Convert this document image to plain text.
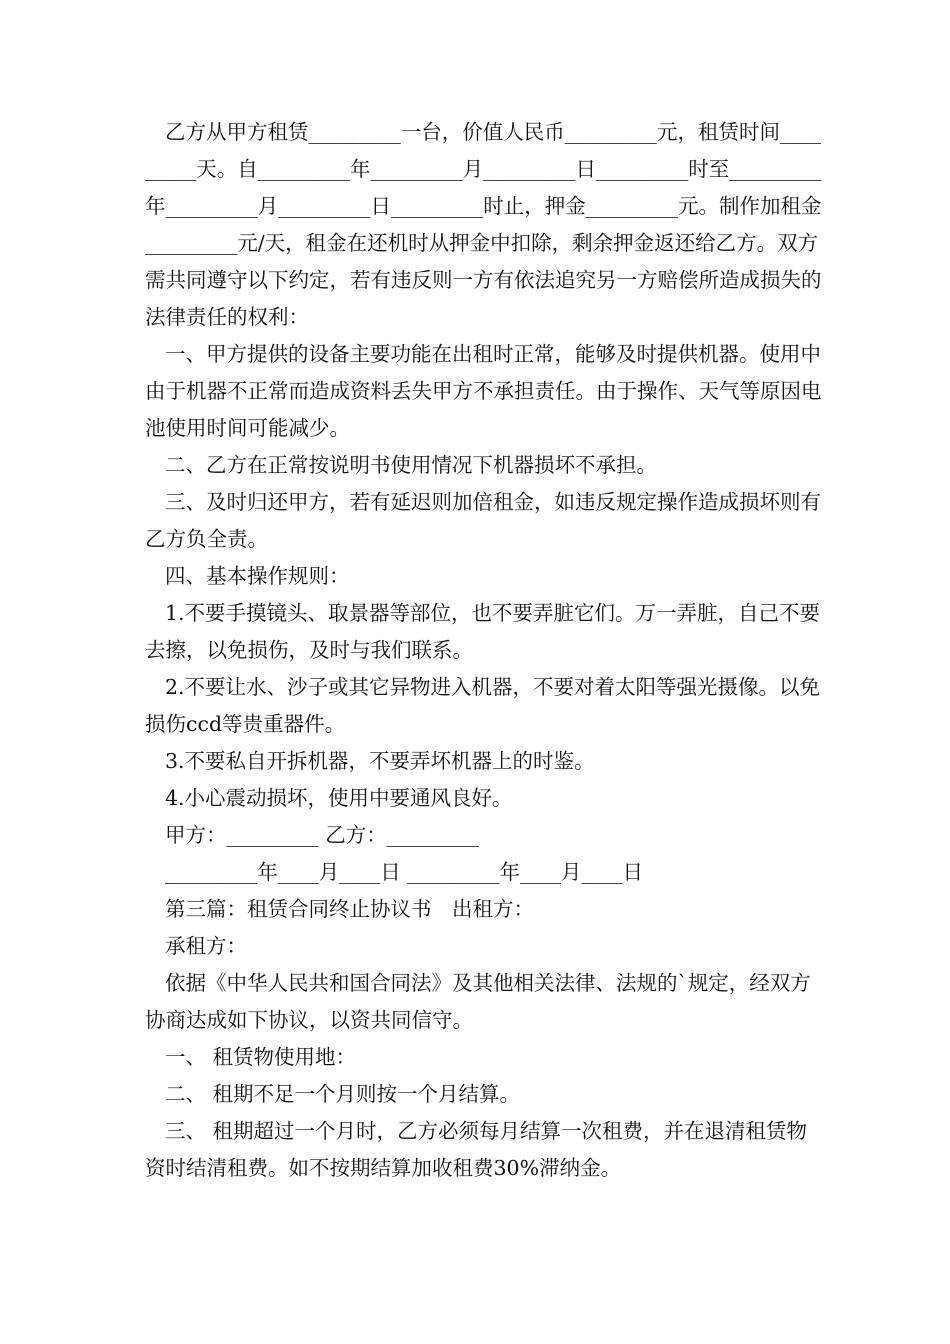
乙方从甲方租赁_________一台，价值人民币_________元，租赁时间_________天。自_________年_________月_________日_________时至_________年_________月_________日_________时止，押金_________元。制作加租金_________元/天，租金在还机时从押金中扣除，剩余押金返还给乙方。双方需共同遵守以下约定，若有违反则一方有依法追究另一方赔偿所造成损失的法律责任的权利：

一、甲方提供的设备主要功能在出租时正常，能够及时提供机器。使用中由于机器不正常而造成资料丢失甲方不承担责任。由于操作、天气等原因电池使用时间可能减少。

二、乙方在正常按说明书使用情况下机器损坏不承担。

三、及时归还甲方，若有延迟则加倍租金，如违反规定操作造成损坏则有乙方负全责。

四、基本操作规则：

1.不要手摸镜头、取景器等部位，也不要弄脏它们。万一弄脏，自己不要去擦，以免损伤，及时与我们联系。

2.不要让水、沙子或其它异物进入机器，不要对着太阳等强光摄像。以免损伤ccd等贵重器件。

3.不要私自开拆机器，不要弄坏机器上的时鉴。

4.小心震动损坏，使用中要通风良好。

甲方：_________ 乙方：_________

_________年____月____日 _________年____月____日

第三篇：租赁合同终止协议书　出租方：

承租方：

依据《中华人民共和国合同法》及其他相关法律、法规的`规定，经双方协商达成如下协议，以资共同信守。

一、 租赁物使用地：

二、 租期不足一个月则按一个月结算。

三、 租期超过一个月时，乙方必须每月结算一次租费，并在退清租赁物资时结清租费。如不按期结算加收租费30%滞纳金。
